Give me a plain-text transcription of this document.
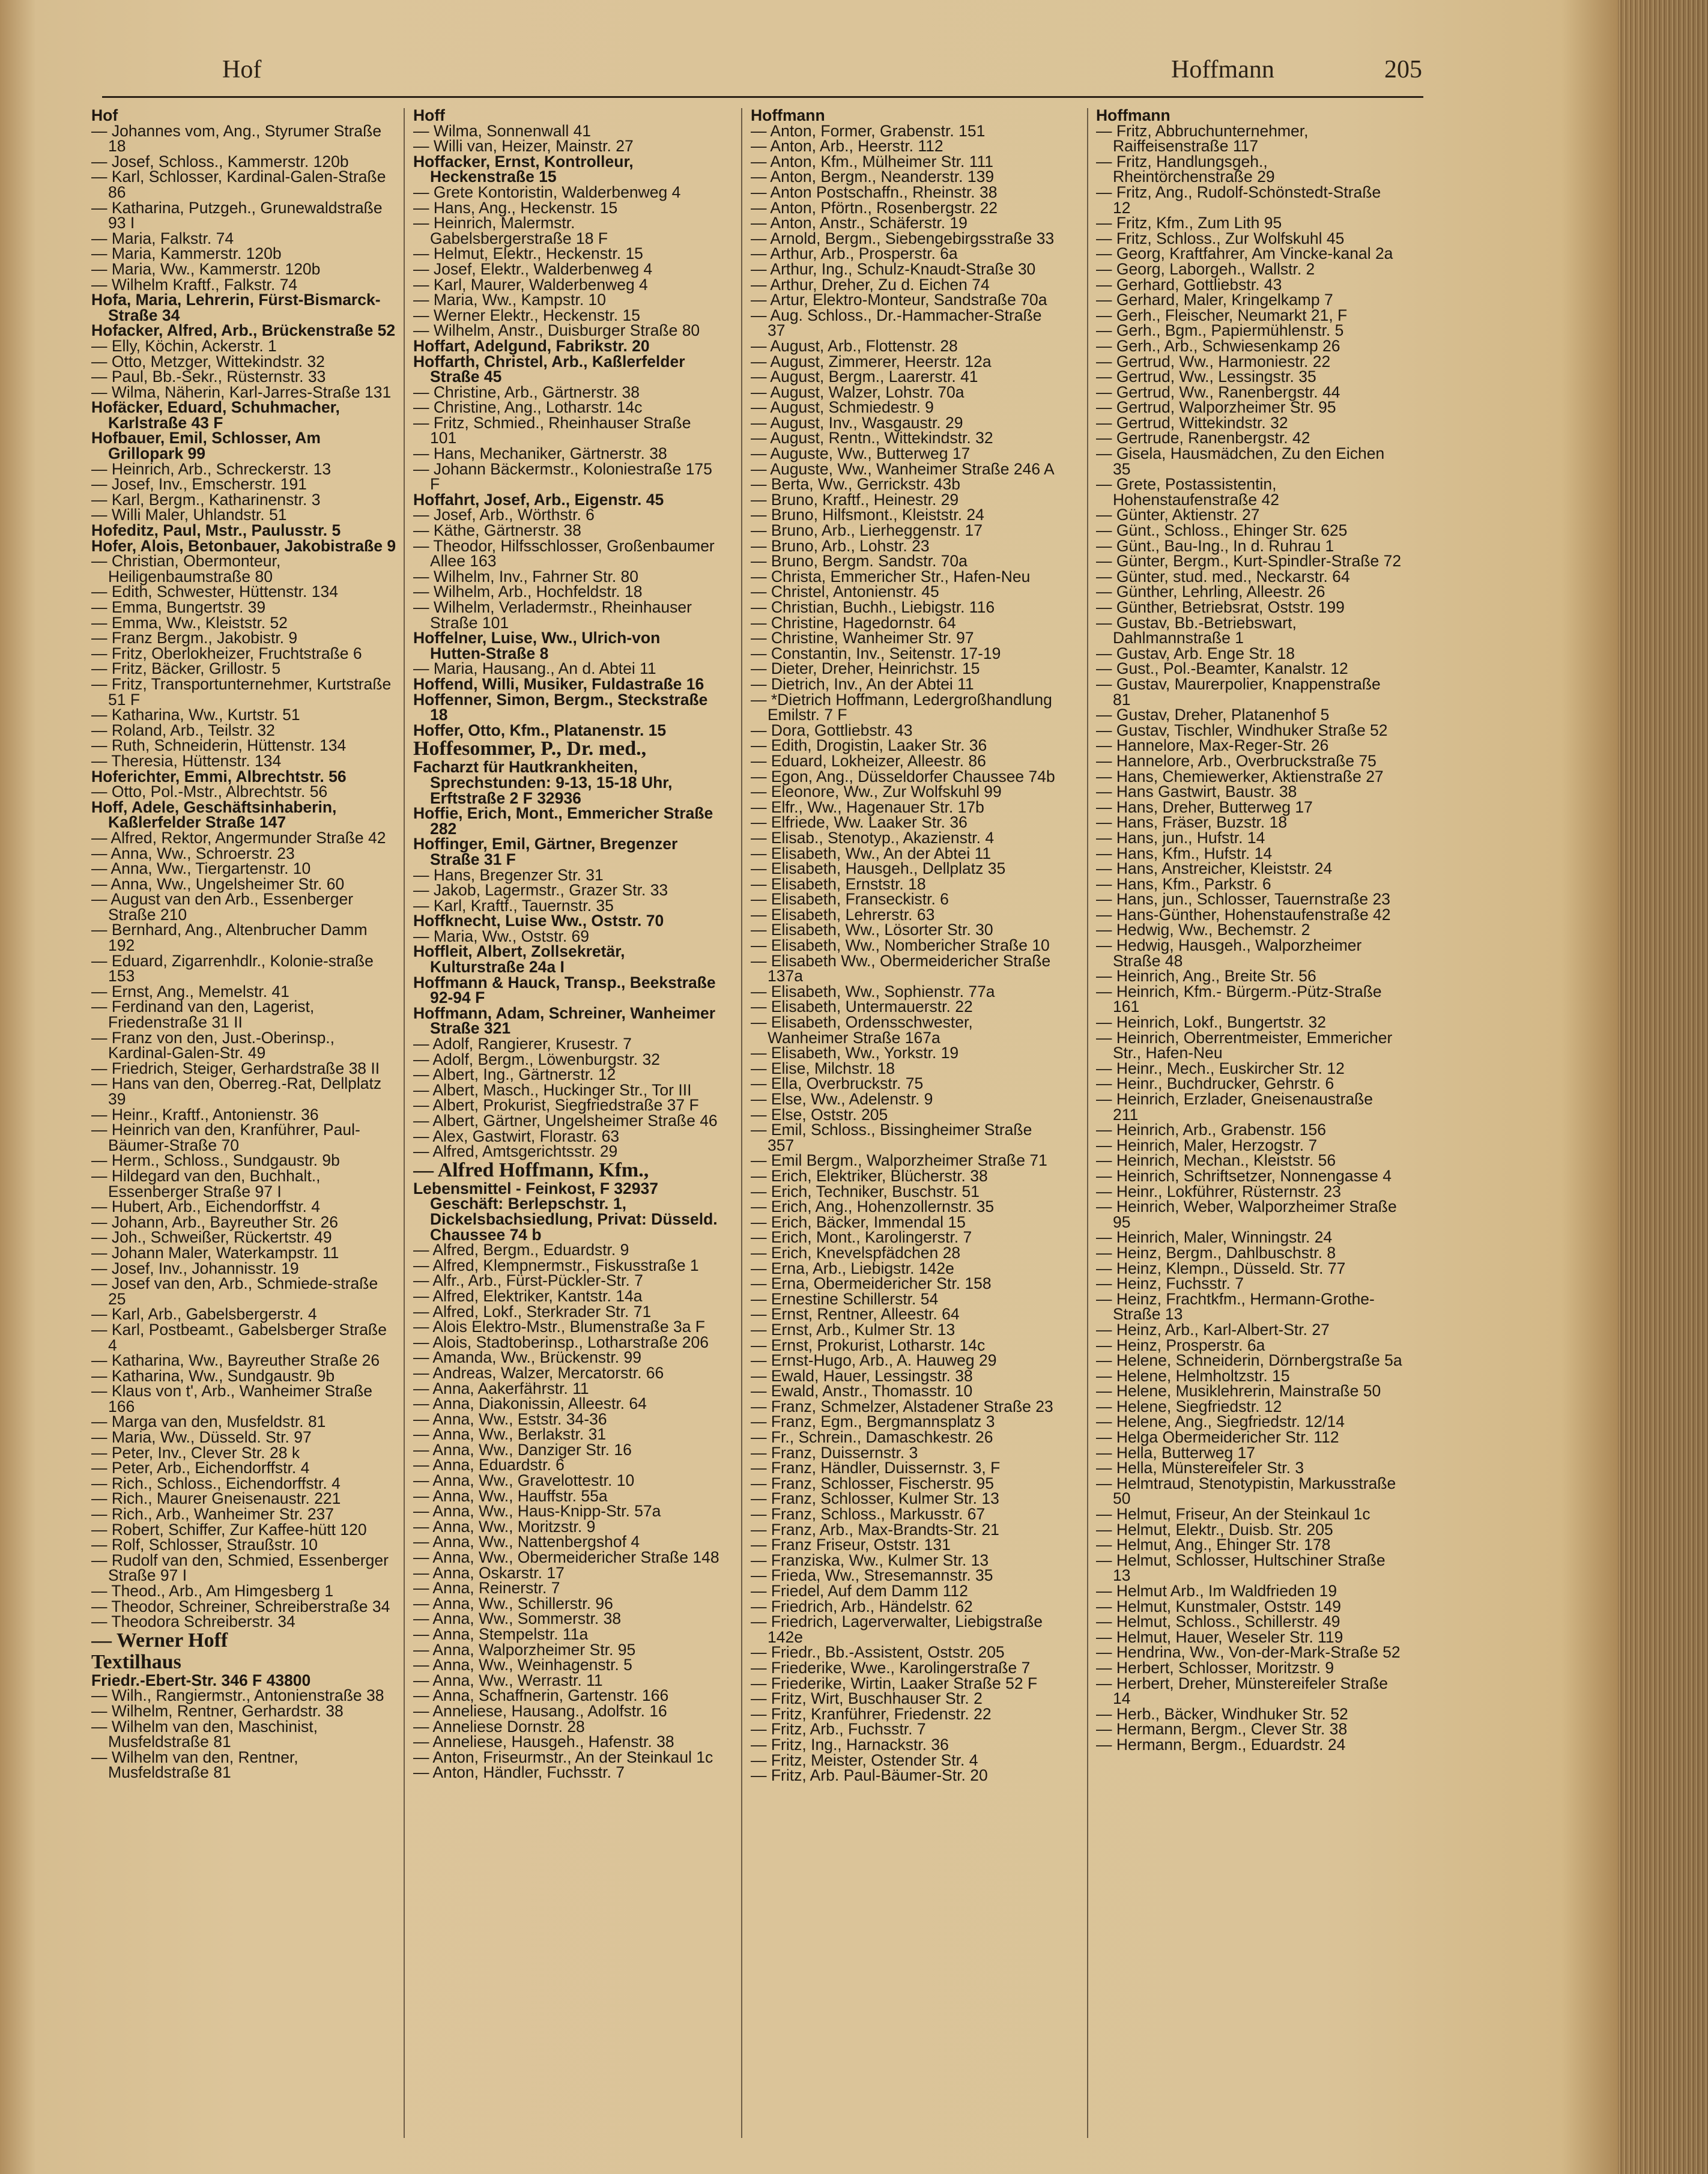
Hof	Hoffmann	205
Hof
— Johannes vom, Ang., Styrumer Straße 18
— Josef, Schloss., Kammerstr. 120b
— Karl, Schlosser, Kardinal-Galen-Straße 86
— Katharina, Putzgeh., Grunewaldstraße 93 I
— Maria, Falkstr. 74
— Maria, Kammerstr. 120b
— Maria, Ww., Kammerstr. 120b
— Wilhelm Kraftf., Falkstr. 74
Hofa, Maria, Lehrerin, Fürst-Bismarck-Straße 34
Hofacker, Alfred, Arb., Brückenstraße 52
— Elly, Köchin, Ackerstr. 1
— Otto, Metzger, Wittekindstr. 32
— Paul, Bb.-Sekr., Rüsternstr. 33
— Wilma, Näherin, Karl-Jarres-Straße 131
Hofäcker, Eduard, Schuhmacher, Karlstraße 43 F
Hofbauer, Emil, Schlosser, Am Grillopark 99
— Heinrich, Arb., Schreckerstr. 13
— Josef, Inv., Emscherstr. 191
— Karl, Bergm., Katharinenstr. 3
— Willi Maler, Uhlandstr. 51
Hofeditz, Paul, Mstr., Paulusstr. 5
Hofer, Alois, Betonbauer, Jakobistraße 9
— Christian, Obermonteur, Heiligenbaumstraße 80
— Edith, Schwester, Hüttenstr. 134
— Emma, Bungertstr. 39
— Emma, Ww., Kleiststr. 52
— Franz Bergm., Jakobistr. 9
— Fritz, Oberlokheizer, Fruchtstraße 6
— Fritz, Bäcker, Grillostr. 5
— Fritz, Transportunternehmer, Kurtstraße 51 F
— Katharina, Ww., Kurtstr. 51
— Roland, Arb., Teilstr. 32
— Ruth, Schneiderin, Hüttenstr. 134
— Theresia, Hüttenstr. 134
Hoferichter, Emmi, Albrechtstr. 56
— Otto, Pol.-Mstr., Albrechtstr. 56
Hoff, Adele, Geschäftsinhaberin, Kaßlerfelder Straße 147
— Alfred, Rektor, Angermunder Straße 42
— Anna, Ww., Schroerstr. 23
— Anna, Ww., Tiergartenstr. 10
— Anna, Ww., Ungelsheimer Str. 60
— August van den Arb., Essenberger Straße 210
— Bernhard, Ang., Altenbrucher Damm 192
— Eduard, Zigarrenhdlr., Kolonie-straße 153
— Ernst, Ang., Memelstr. 41
— Ferdinand van den, Lagerist, Friedenstraße 31 II
— Franz von den, Just.-Oberinsp., Kardinal-Galen-Str. 49
— Friedrich, Steiger, Gerhardstraße 38 II
— Hans van den, Oberreg.-Rat, Dellplatz 39
— Heinr., Kraftf., Antonienstr. 36
— Heinrich van den, Kranführer, Paul-Bäumer-Straße 70
— Herm., Schloss., Sundgaustr. 9b
— Hildegard van den, Buchhalt., Essenberger Straße 97 I
— Hubert, Arb., Eichendorffstr. 4
— Johann, Arb., Bayreuther Str. 26
— Joh., Schweißer, Rückertstr. 49
— Johann Maler, Waterkampstr. 11
— Josef, Inv., Johannisstr. 19
— Josef van den, Arb., Schmiede-straße 25
— Karl, Arb., Gabelsbergerstr. 4
— Karl, Postbeamt., Gabelsberger Straße 4
— Katharina, Ww., Bayreuther Straße 26
— Katharina, Ww., Sundgaustr. 9b
— Klaus von t', Arb., Wanheimer Straße 166
— Marga van den, Musfeldstr. 81
— Maria, Ww., Düsseld. Str. 97
— Peter, Inv., Clever Str. 28 k
— Peter, Arb., Eichendorffstr. 4
— Rich., Schloss., Eichendorffstr. 4
— Rich., Maurer Gneisenaustr. 221
— Rich., Arb., Wanheimer Str. 237
— Robert, Schiffer, Zur Kaffee-hütt 120
— Rolf, Schlosser, Straußstr. 10
— Rudolf van den, Schmied, Essenberger Straße 97 I
— Theod., Arb., Am Himgesberg 1
— Theodor, Schreiner, Schreiberstraße 34
— Theodora Schreiberstr. 34
— Werner Hoff
Textilhaus
Friedr.-Ebert-Str. 346 F 43800
— Wilh., Rangiermstr., Antonienstraße 38
— Wilhelm, Rentner, Gerhardstr. 38
— Wilhelm van den, Maschinist, Musfeldstraße 81
— Wilhelm van den, Rentner, Musfeldstraße 81
Hoff
— Wilma, Sonnenwall 41
— Willi van, Heizer, Mainstr. 27
Hoffacker, Ernst, Kontrolleur, Heckenstraße 15
— Grete Kontoristin, Walderbenweg 4
— Hans, Ang., Heckenstr. 15
— Heinrich, Malermstr. Gabelsbergerstraße 18 F
— Helmut, Elektr., Heckenstr. 15
— Josef, Elektr., Walderbenweg 4
— Karl, Maurer, Walderbenweg 4
— Maria, Ww., Kampstr. 10
— Werner Elektr., Heckenstr. 15
— Wilhelm, Anstr., Duisburger Straße 80
Hoffart, Adelgund, Fabrikstr. 20
Hoffarth, Christel, Arb., Kaßlerfelder Straße 45
— Christine, Arb., Gärtnerstr. 38
— Christine, Ang., Lotharstr. 14c
— Fritz, Schmied., Rheinhauser Straße 101
— Hans, Mechaniker, Gärtnerstr. 38
— Johann Bäckermstr., Koloniestraße 175 F
Hoffahrt, Josef, Arb., Eigenstr. 45
— Josef, Arb., Wörthstr. 6
— Käthe, Gärtnerstr. 38
— Theodor, Hilfsschlosser, Großenbaumer Allee 163
— Wilhelm, Inv., Fahrner Str. 80
— Wilhelm, Arb., Hochfeldstr. 18
— Wilhelm, Verladermstr., Rheinhauser Straße 101
Hoffelner, Luise, Ww., Ulrich-von Hutten-Straße 8
— Maria, Hausang., An d. Abtei 11
Hoffend, Willi, Musiker, Fuldastraße 16
Hoffenner, Simon, Bergm., Steckstraße 18
Hoffer, Otto, Kfm., Platanenstr. 15
Hoffesommer, P., Dr. med.,
Facharzt für Hautkrankheiten, Sprechstunden: 9-13, 15-18 Uhr, Erftstraße 2 F 32936
Hoffie, Erich, Mont., Emmericher Straße 282
Hoffinger, Emil, Gärtner, Bregenzer Straße 31 F
— Hans, Bregenzer Str. 31
— Jakob, Lagermstr., Grazer Str. 33
— Karl, Kraftf., Tauernstr. 35
Hoffknecht, Luise Ww., Oststr. 70
— Maria, Ww., Oststr. 69
Hoffleit, Albert, Zollsekretär, Kulturstraße 24a I
Hoffmann & Hauck, Transp., Beekstraße 92-94 F
Hoffmann, Adam, Schreiner, Wanheimer Straße 321
— Adolf, Rangierer, Krusestr. 7
— Adolf, Bergm., Löwenburgstr. 32
— Albert, Ing., Gärtnerstr. 12
— Albert, Masch., Huckinger Str., Tor III
— Albert, Prokurist, Siegfriedstraße 37 F
— Albert, Gärtner, Ungelsheimer Straße 46
— Alex, Gastwirt, Florastr. 63
— Alfred, Amtsgerichtsstr. 29
— Alfred Hoffmann, Kfm.,
Lebensmittel - Feinkost, F 32937 Geschäft: Berlepschstr. 1, Dickelsbachsiedlung, Privat: Düsseld. Chaussee 74 b
— Alfred, Bergm., Eduardstr. 9
— Alfred, Klempnermstr., Fiskusstraße 1
— Alfr., Arb., Fürst-Pückler-Str. 7
— Alfred, Elektriker, Kantstr. 14a
— Alfred, Lokf., Sterkrader Str. 71
— Alois Elektro-Mstr., Blumenstraße 3a F
— Alois, Stadtoberinsp., Lotharstraße 206
— Amanda, Ww., Brückenstr. 99
— Andreas, Walzer, Mercatorstr. 66
— Anna, Aakerfährstr. 11
— Anna, Diakonissin, Alleestr. 64
— Anna, Ww., Eststr. 34-36
— Anna, Ww., Berlakstr. 31
— Anna, Ww., Danziger Str. 16
— Anna, Eduardstr. 6
— Anna, Ww., Gravelottestr. 10
— Anna, Ww., Hauffstr. 55a
— Anna, Ww., Haus-Knipp-Str. 57a
— Anna, Ww., Moritzstr. 9
— Anna, Ww., Nattenbergshof 4
— Anna, Ww., Obermeidericher Straße 148
— Anna, Oskarstr. 17
— Anna, Reinerstr. 7
— Anna, Ww., Schillerstr. 96
— Anna, Ww., Sommerstr. 38
— Anna, Stempelstr. 11a
— Anna, Walporzheimer Str. 95
— Anna, Ww., Weinhagenstr. 5
— Anna, Ww., Werrastr. 11
— Anna, Schaffnerin, Gartenstr. 166
— Anneliese, Hausang., Adolfstr. 16
— Anneliese Dornstr. 28
— Anneliese, Hausgeh., Hafenstr. 38
— Anton, Friseurmstr., An der Steinkaul 1c
— Anton, Händler, Fuchsstr. 7
Hoffmann
— Anton, Former, Grabenstr. 151
— Anton, Arb., Heerstr. 112
— Anton, Kfm., Mülheimer Str. 111
— Anton, Bergm., Neanderstr. 139
— Anton Postschaffn., Rheinstr. 38
— Anton, Pförtn., Rosenbergstr. 22
— Anton, Anstr., Schäferstr. 19
— Arnold, Bergm., Siebengebirgsstraße 33
— Arthur, Arb., Prosperstr. 6a
— Arthur, Ing., Schulz-Knaudt-Straße 30
— Arthur, Dreher, Zu d. Eichen 74
— Artur, Elektro-Monteur, Sandstraße 70a
— Aug. Schloss., Dr.-Hammacher-Straße 37
— August, Arb., Flottenstr. 28
— August, Zimmerer, Heerstr. 12a
— August, Bergm., Laarerstr. 41
— August, Walzer, Lohstr. 70a
— August, Schmiedestr. 9
— August, Inv., Wasgaustr. 29
— August, Rentn., Wittekindstr. 32
— Auguste, Ww., Butterweg 17
— Auguste, Ww., Wanheimer Straße 246 A
— Berta, Ww., Gerrickstr. 43b
— Bruno, Kraftf., Heinestr. 29
— Bruno, Hilfsmont., Kleiststr. 24
— Bruno, Arb., Lierheggenstr. 17
— Bruno, Arb., Lohstr. 23
— Bruno, Bergm. Sandstr. 70a
— Christa, Emmericher Str., Hafen-Neu
— Christel, Antonienstr. 45
— Christian, Buchh., Liebigstr. 116
— Christine, Hagedornstr. 64
— Christine, Wanheimer Str. 97
— Constantin, Inv., Seitenstr. 17-19
— Dieter, Dreher, Heinrichstr. 15
— Dietrich, Inv., An der Abtei 11
— *Dietrich Hoffmann, Ledergroßhandlung Emilstr. 7 F
— Dora, Gottliebstr. 43
— Edith, Drogistin, Laaker Str. 36
— Eduard, Lokheizer, Alleestr. 86
— Egon, Ang., Düsseldorfer Chaussee 74b
— Eleonore, Ww., Zur Wolfskuhl 99
— Elfr., Ww., Hagenauer Str. 17b
— Elfriede, Ww. Laaker Str. 36
— Elisab., Stenotyp., Akazienstr. 4
— Elisabeth, Ww., An der Abtei 11
— Elisabeth, Hausgeh., Dellplatz 35
— Elisabeth, Ernststr. 18
— Elisabeth, Franseckistr. 6
— Elisabeth, Lehrerstr. 63
— Elisabeth, Ww., Lösorter Str. 30
— Elisabeth, Ww., Nombericher Straße 10
— Elisabeth Ww., Obermeidericher Straße 137a
— Elisabeth, Ww., Sophienstr. 77a
— Elisabeth, Untermauerstr. 22
— Elisabeth, Ordensschwester, Wanheimer Straße 167a
— Elisabeth, Ww., Yorkstr. 19
— Elise, Milchstr. 18
— Ella, Overbruckstr. 75
— Else, Ww., Adelenstr. 9
— Else, Oststr. 205
— Emil, Schloss., Bissingheimer Straße 357
— Emil Bergm., Walporzheimer Straße 71
— Erich, Elektriker, Blücherstr. 38
— Erich, Techniker, Buschstr. 51
— Erich, Ang., Hohenzollernstr. 35
— Erich, Bäcker, Immendal 15
— Erich, Mont., Karolingerstr. 7
— Erich, Knevelspfädchen 28
— Erna, Arb., Liebigstr. 142e
— Erna, Obermeidericher Str. 158
— Ernestine Schillerstr. 54
— Ernst, Rentner, Alleestr. 64
— Ernst, Arb., Kulmer Str. 13
— Ernst, Prokurist, Lotharstr. 14c
— Ernst-Hugo, Arb., A. Hauweg 29
— Ewald, Hauer, Lessingstr. 38
— Ewald, Anstr., Thomasstr. 10
— Franz, Schmelzer, Alstadener Straße 23
— Franz, Egm., Bergmannsplatz 3
— Fr., Schrein., Damaschkestr. 26
— Franz, Duissernstr. 3
— Franz, Händler, Duissernstr. 3, F
— Franz, Schlosser, Fischerstr. 95
— Franz, Schlosser, Kulmer Str. 13
— Franz, Schloss., Markusstr. 67
— Franz, Arb., Max-Brandts-Str. 21
— Franz Friseur, Oststr. 131
— Franziska, Ww., Kulmer Str. 13
— Frieda, Ww., Stresemannstr. 35
— Friedel, Auf dem Damm 112
— Friedrich, Arb., Händelstr. 62
— Friedrich, Lagerverwalter, Liebigstraße 142e
— Friedr., Bb.-Assistent, Oststr. 205
— Friederike, Wwe., Karolingerstraße 7
— Friederike, Wirtin, Laaker Straße 52 F
— Fritz, Wirt, Buschhauser Str. 2
— Fritz, Kranführer, Friedenstr. 22
— Fritz, Arb., Fuchsstr. 7
— Fritz, Ing., Harnackstr. 36
— Fritz, Meister, Ostender Str. 4
— Fritz, Arb. Paul-Bäumer-Str. 20
Hoffmann
— Fritz, Abbruchunternehmer, Raiffeisenstraße 117
— Fritz, Handlungsgeh., Rheintörchenstraße 29
— Fritz, Ang., Rudolf-Schönstedt-Straße 12
— Fritz, Kfm., Zum Lith 95
— Fritz, Schloss., Zur Wolfskuhl 45
— Georg, Kraftfahrer, Am Vincke-kanal 2a
— Georg, Laborgeh., Wallstr. 2
— Gerhard, Gottliebstr. 43
— Gerhard, Maler, Kringelkamp 7
— Gerh., Fleischer, Neumarkt 21, F
— Gerh., Bgm., Papiermühlenstr. 5
— Gerh., Arb., Schwiesenkamp 26
— Gertrud, Ww., Harmoniestr. 22
— Gertrud, Ww., Lessingstr. 35
— Gertrud, Ww., Ranenbergstr. 44
— Gertrud, Walporzheimer Str. 95
— Gertrud, Wittekindstr. 32
— Gertrude, Ranenbergstr. 42
— Gisela, Hausmädchen, Zu den Eichen 35
— Grete, Postassistentin, Hohenstaufenstraße 42
— Günter, Aktienstr. 27
— Günt., Schloss., Ehinger Str. 625
— Günt., Bau-Ing., In d. Ruhrau 1
— Günter, Bergm., Kurt-Spindler-Straße 72
— Günter, stud. med., Neckarstr. 64
— Günther, Lehrling, Alleestr. 26
— Günther, Betriebsrat, Oststr. 199
— Gustav, Bb.-Betriebswart, Dahlmannstraße 1
— Gustav, Arb. Enge Str. 18
— Gust., Pol.-Beamter, Kanalstr. 12
— Gustav, Maurerpolier, Knappenstraße 81
— Gustav, Dreher, Platanenhof 5
— Gustav, Tischler, Windhuker Straße 52
— Hannelore, Max-Reger-Str. 26
— Hannelore, Arb., Overbruckstraße 75
— Hans, Chemiewerker, Aktienstraße 27
— Hans Gastwirt, Baustr. 38
— Hans, Dreher, Butterweg 17
— Hans, Fräser, Buzstr. 18
— Hans, jun., Hufstr. 14
— Hans, Kfm., Hufstr. 14
— Hans, Anstreicher, Kleiststr. 24
— Hans, Kfm., Parkstr. 6
— Hans, jun., Schlosser, Tauernstraße 23
— Hans-Günther, Hohenstaufenstraße 42
— Hedwig, Ww., Bechemstr. 2
— Hedwig, Hausgeh., Walporzheimer Straße 48
— Heinrich, Ang., Breite Str. 56
— Heinrich, Kfm.- Bürgerm.-Pütz-Straße 161
— Heinrich, Lokf., Bungertstr. 32
— Heinrich, Oberrentmeister, Emmericher Str., Hafen-Neu
— Heinr., Mech., Euskircher Str. 12
— Heinr., Buchdrucker, Gehrstr. 6
— Heinrich, Erzlader, Gneisenaustraße 211
— Heinrich, Arb., Grabenstr. 156
— Heinrich, Maler, Herzogstr. 7
— Heinrich, Mechan., Kleiststr. 56
— Heinrich, Schriftsetzer, Nonnengasse 4
— Heinr., Lokführer, Rüsternstr. 23
— Heinrich, Weber, Walporzheimer Straße 95
— Heinrich, Maler, Winningstr. 24
— Heinz, Bergm., Dahlbuschstr. 8
— Heinz, Klempn., Düsseld. Str. 77
— Heinz, Fuchsstr. 7
— Heinz, Frachtkfm., Hermann-Grothe-Straße 13
— Heinz, Arb., Karl-Albert-Str. 27
— Heinz, Prosperstr. 6a
— Helene, Schneiderin, Dörnbergstraße 5a
— Helene, Helmholtzstr. 15
— Helene, Musiklehrerin, Mainstraße 50
— Helene, Siegfriedstr. 12
— Helene, Ang., Siegfriedstr. 12/14
— Helga Obermeidericher Str. 112
— Hella, Butterweg 17
— Hella, Münstereifeler Str. 3
— Helmtraud, Stenotypistin, Markusstraße 50
— Helmut, Friseur, An der Steinkaul 1c
— Helmut, Elektr., Duisb. Str. 205
— Helmut, Ang., Ehinger Str. 178
— Helmut, Schlosser, Hultschiner Straße 13
— Helmut Arb., Im Waldfrieden 19
— Helmut, Kunstmaler, Oststr. 149
— Helmut, Schloss., Schillerstr. 49
— Helmut, Hauer, Weseler Str. 119
— Hendrina, Ww., Von-der-Mark-Straße 52
— Herbert, Schlosser, Moritzstr. 9
— Herbert, Dreher, Münstereifeler Straße 14
— Herb., Bäcker, Windhuker Str. 52
— Hermann, Bergm., Clever Str. 38
— Hermann, Bergm., Eduardstr. 24
